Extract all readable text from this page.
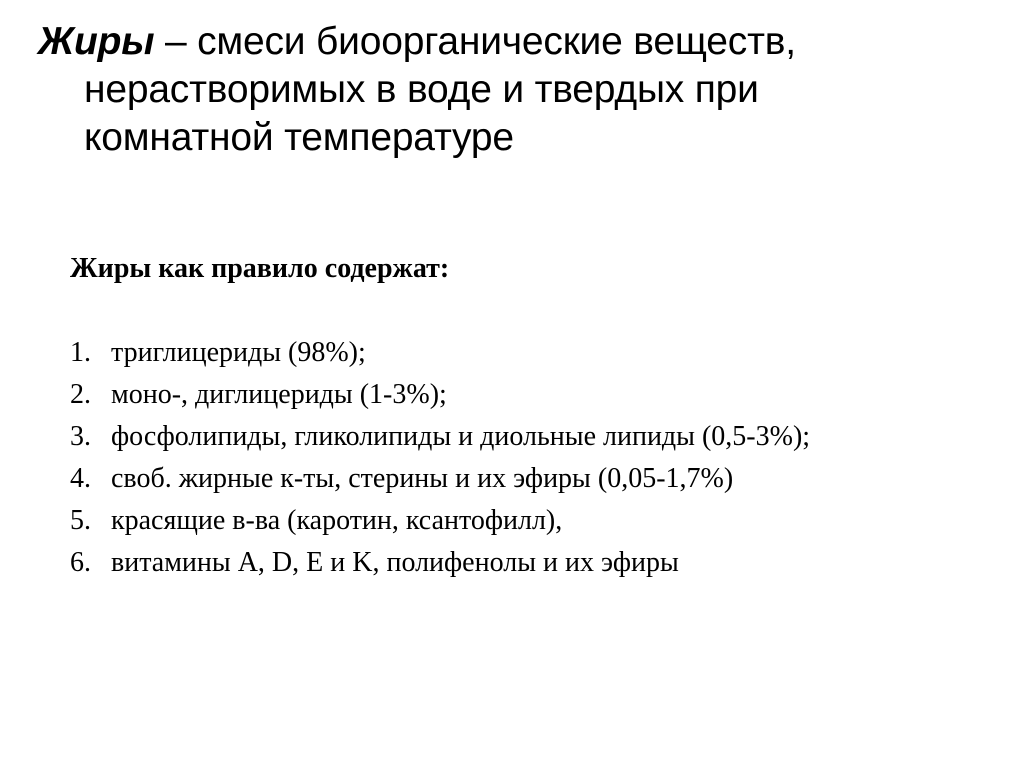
Жиры – смеси биоорганические веществ,
нерастворимых в воде и твердых при
комнатной температуре
Жиры как правило содержат:
1. триглицериды (98%);
2. моно-, диглицериды (1-3%);
3. фосфолипиды, гликолипиды и диольные липиды (0,5-3%);
4. своб. жирные к-ты, стерины и их эфиры (0,05-1,7%)
5. красящие в-ва (каротин, ксантофилл),
6. витамины A, D, E и K, полифенолы и их эфиры
